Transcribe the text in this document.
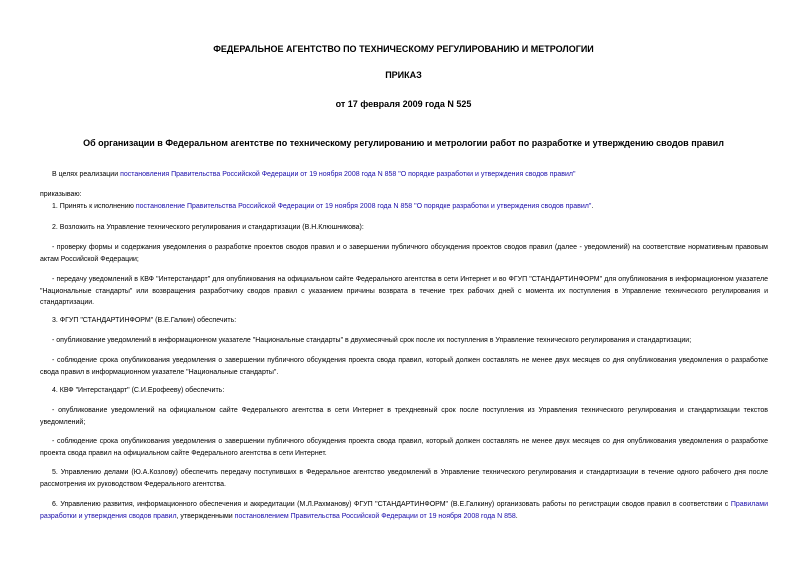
ФЕДЕРАЛЬНОЕ АГЕНТСТВО ПО ТЕХНИЧЕСКОМУ РЕГУЛИРОВАНИЮ И МЕТРОЛОГИИ
ПРИКАЗ
от 17 февраля 2009 года N 525
Об организации в Федеральном агентстве по техническому регулированию и метрологии работ по разработке и утверждению сводов правил
В целях реализации постановления Правительства Российской Федерации от 19 ноября 2008 года N 858 "О порядке разработки и утверждения сводов правил"
приказываю:
1. Принять к исполнению постановление Правительства Российской Федерации от 19 ноября 2008 года N 858 "О порядке разработки и утверждения сводов правил".
2. Возложить на Управление технического регулирования и стандартизации (В.Н.Клюшникова):
- проверку формы и содержания уведомления о разработке проектов сводов правил и о завершении публичного обсуждения проектов сводов правил (далее - уведомлений) на соответствие нормативным правовым актам Российской Федерации;
- передачу уведомлений в КВФ "Интерстандарт" для опубликования на официальном сайте Федерального агентства в сети Интернет и во ФГУП "СТАНДАРТИНФОРМ" для опубликования в информационном указателе "Национальные стандарты" или возвращения разработчику сводов правил с указанием причины возврата в течение трех рабочих дней с момента их поступления в Управление технического регулирования и стандартизации.
3. ФГУП "СТАНДАРТИНФОРМ" (В.Е.Галкин) обеспечить:
- опубликование уведомлений в информационном указателе "Национальные стандарты" в двухмесячный срок после их поступления в Управление технического регулирования и стандартизации;
- соблюдение срока опубликования уведомления о завершении публичного обсуждения проекта свода правил, который должен составлять не менее двух месяцев со дня опубликования уведомления о разработке свода правил в информационном указателе "Национальные стандарты".
4. КВФ "Интерстандарт" (С.И.Ерофееву) обеспечить:
- опубликование уведомлений на официальном сайте Федерального агентства в сети Интернет в трехдневный срок после поступления из Управления технического регулирования и стандартизации текстов уведомлений;
- соблюдение срока опубликования уведомления о завершении публичного обсуждения проекта свода правил, который должен составлять не менее двух месяцев со дня опубликования уведомления о разработке проекта свода правил на официальном сайте Федерального агентства в сети Интернет.
5. Управлению делами (Ю.А.Козлову) обеспечить передачу поступивших в Федеральное агентство уведомлений в Управление технического регулирования и стандартизации в течение одного рабочего дня после рассмотрения их руководством Федерального агентства.
6. Управлению развития, информационного обеспечения и аккредитации (М.Л.Рахманову) ФГУП "СТАНДАРТИНФОРМ" (В.Е.Галкину) организовать работы по регистрации сводов правил в соответствии с Правилами разработки и утверждения сводов правил, утвержденными постановлением Правительства Российской Федерации от 19 ноября 2008 года N 858.
